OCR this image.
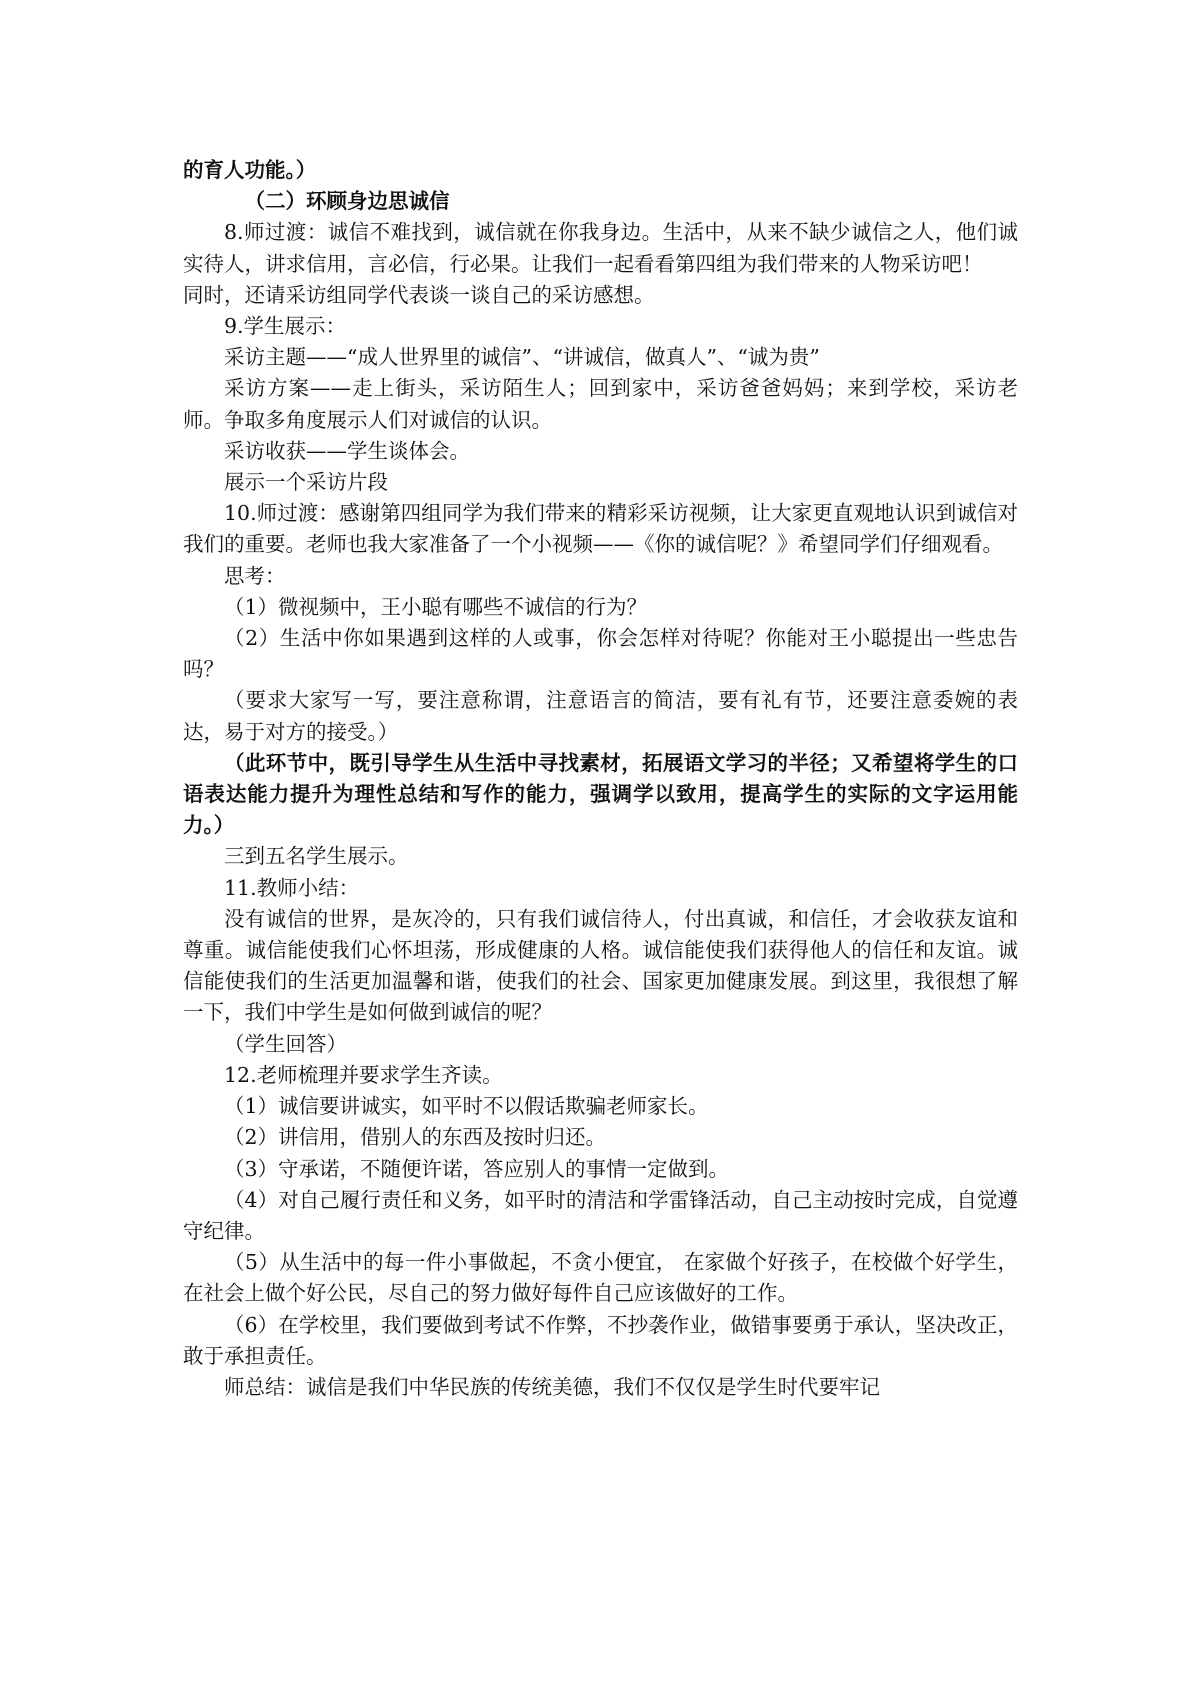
的育人功能。）

（二）环顾身边思诚信

8.师过渡：诚信不难找到，诚信就在你我身边。生活中，从来不缺少诚信之人，他们诚实待人，讲求信用，言必信，行必果。让我们一起看看第四组为我们带来的人物采访吧！

同时，还请采访组同学代表谈一谈自己的采访感想。

9.学生展示：

采访主题——“成人世界里的诚信”、“讲诚信，做真人”、“诚为贵”

采访方案——走上街头，采访陌生人；回到家中，采访爸爸妈妈；来到学校，采访老师。争取多角度展示人们对诚信的认识。

采访收获——学生谈体会。

展示一个采访片段

10.师过渡：感谢第四组同学为我们带来的精彩采访视频，让大家更直观地认识到诚信对我们的重要。老师也我大家准备了一个小视频——《你的诚信呢？》希望同学们仔细观看。

思考：

（1）微视频中，王小聪有哪些不诚信的行为？

（2）生活中你如果遇到这样的人或事，你会怎样对待呢？你能对王小聪提出一些忠告吗？

（要求大家写一写，要注意称谓，注意语言的简洁，要有礼有节，还要注意委婉的表达，易于对方的接受。）

（此环节中，既引导学生从生活中寻找素材，拓展语文学习的半径；又希望将学生的口语表达能力提升为理性总结和写作的能力，强调学以致用，提高学生的实际的文字运用能力。）

三到五名学生展示。

11.教师小结：

没有诚信的世界，是灰冷的，只有我们诚信待人，付出真诚，和信任，才会收获友谊和尊重。诚信能使我们心怀坦荡，形成健康的人格。诚信能使我们获得他人的信任和友谊。诚信能使我们的生活更加温馨和谐，使我们的社会、国家更加健康发展。到这里，我很想了解一下，我们中学生是如何做到诚信的呢？

（学生回答）

12.老师梳理并要求学生齐读。

（1）诚信要讲诚实，如平时不以假话欺骗老师家长。

（2）讲信用，借别人的东西及按时归还。

（3）守承诺，不随便许诺，答应别人的事情一定做到。

（4）对自己履行责任和义务，如平时的清洁和学雷锋活动，自己主动按时完成，自觉遵守纪律。

（5）从生活中的每一件小事做起，不贪小便宜， 在家做个好孩子，在校做个好学生， 在社会上做个好公民，尽自己的努力做好每件自己应该做好的工作。

（6）在学校里，我们要做到考试不作弊，不抄袭作业，做错事要勇于承认，坚决改正，敢于承担责任。

师总结：诚信是我们中华民族的传统美德，我们不仅仅是学生时代要牢记
